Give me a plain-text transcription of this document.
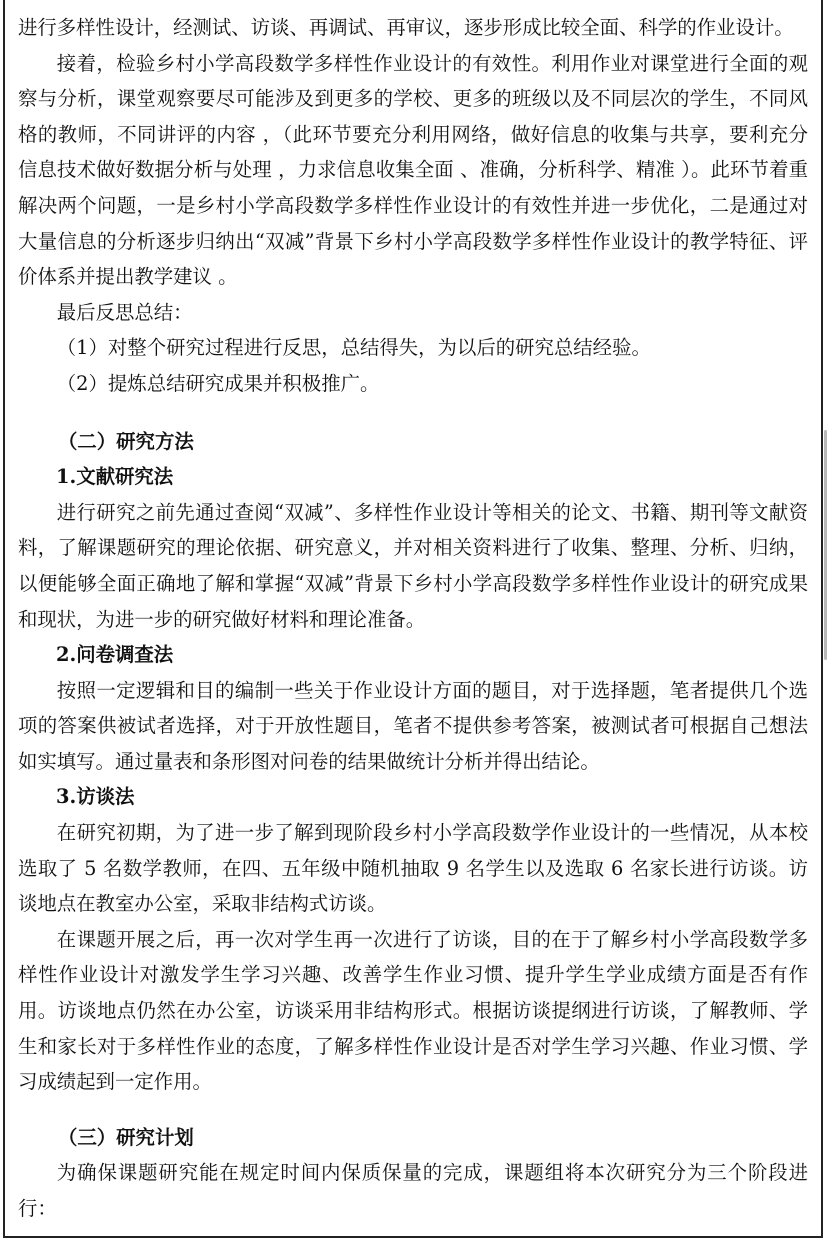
进行多样性设计，经测试、访谈、再调试、再审议，逐步形成比较全面、科学的作业设计。

接着，检验乡村小学高段数学多样性作业设计的有效性。利用作业对课堂进行全面的观察与分析，课堂观察要尽可能涉及到更多的学校、更多的班级以及不同层次的学生，不同风格的教师，不同讲评的内容 ，（此环节要充分利用网络，做好信息的收集与共享，要利充分信息技术做好数据分析与处理 ，力求信息收集全面 、准确，分析科学、精准 ）。此环节着重解决两个问题，一是乡村小学高段数学多样性作业设计的有效性并进一步优化，二是通过对大量信息的分析逐步归纳出“双减”背景下乡村小学高段数学多样性作业设计的教学特征、评价体系并提出教学建议 。

最后反思总结：

（1）对整个研究过程进行反思，总结得失，为以后的研究总结经验。

（2）提炼总结研究成果并积极推广。

（二）研究方法

1.文献研究法

进行研究之前先通过查阅“双减”、多样性作业设计等相关的论文、书籍、期刊等文献资料，了解课题研究的理论依据、研究意义，并对相关资料进行了收集、整理、分析、归纳，以便能够全面正确地了解和掌握“双减”背景下乡村小学高段数学多样性作业设计的研究成果和现状，为进一步的研究做好材料和理论准备。

2.问卷调查法

按照一定逻辑和目的编制一些关于作业设计方面的题目，对于选择题，笔者提供几个选项的答案供被试者选择，对于开放性题目，笔者不提供参考答案，被测试者可根据自己想法如实填写。通过量表和条形图对问卷的结果做统计分析并得出结论。

3.访谈法

在研究初期，为了进一步了解到现阶段乡村小学高段数学作业设计的一些情况，从本校选取了 5 名数学教师，在四、五年级中随机抽取 9 名学生以及选取 6 名家长进行访谈。访谈地点在教室办公室，采取非结构式访谈。

在课题开展之后，再一次对学生再一次进行了访谈，目的在于了解乡村小学高段数学多样性作业设计对激发学生学习兴趣、改善学生作业习惯、提升学生学业成绩方面是否有作用。访谈地点仍然在办公室，访谈采用非结构形式。根据访谈提纲进行访谈，了解教师、学生和家长对于多样性作业的态度，了解多样性作业设计是否对学生学习兴趣、作业习惯、学习成绩起到一定作用。

（三）研究计划

为确保课题研究能在规定时间内保质保量的完成，课题组将本次研究分为三个阶段进行：
